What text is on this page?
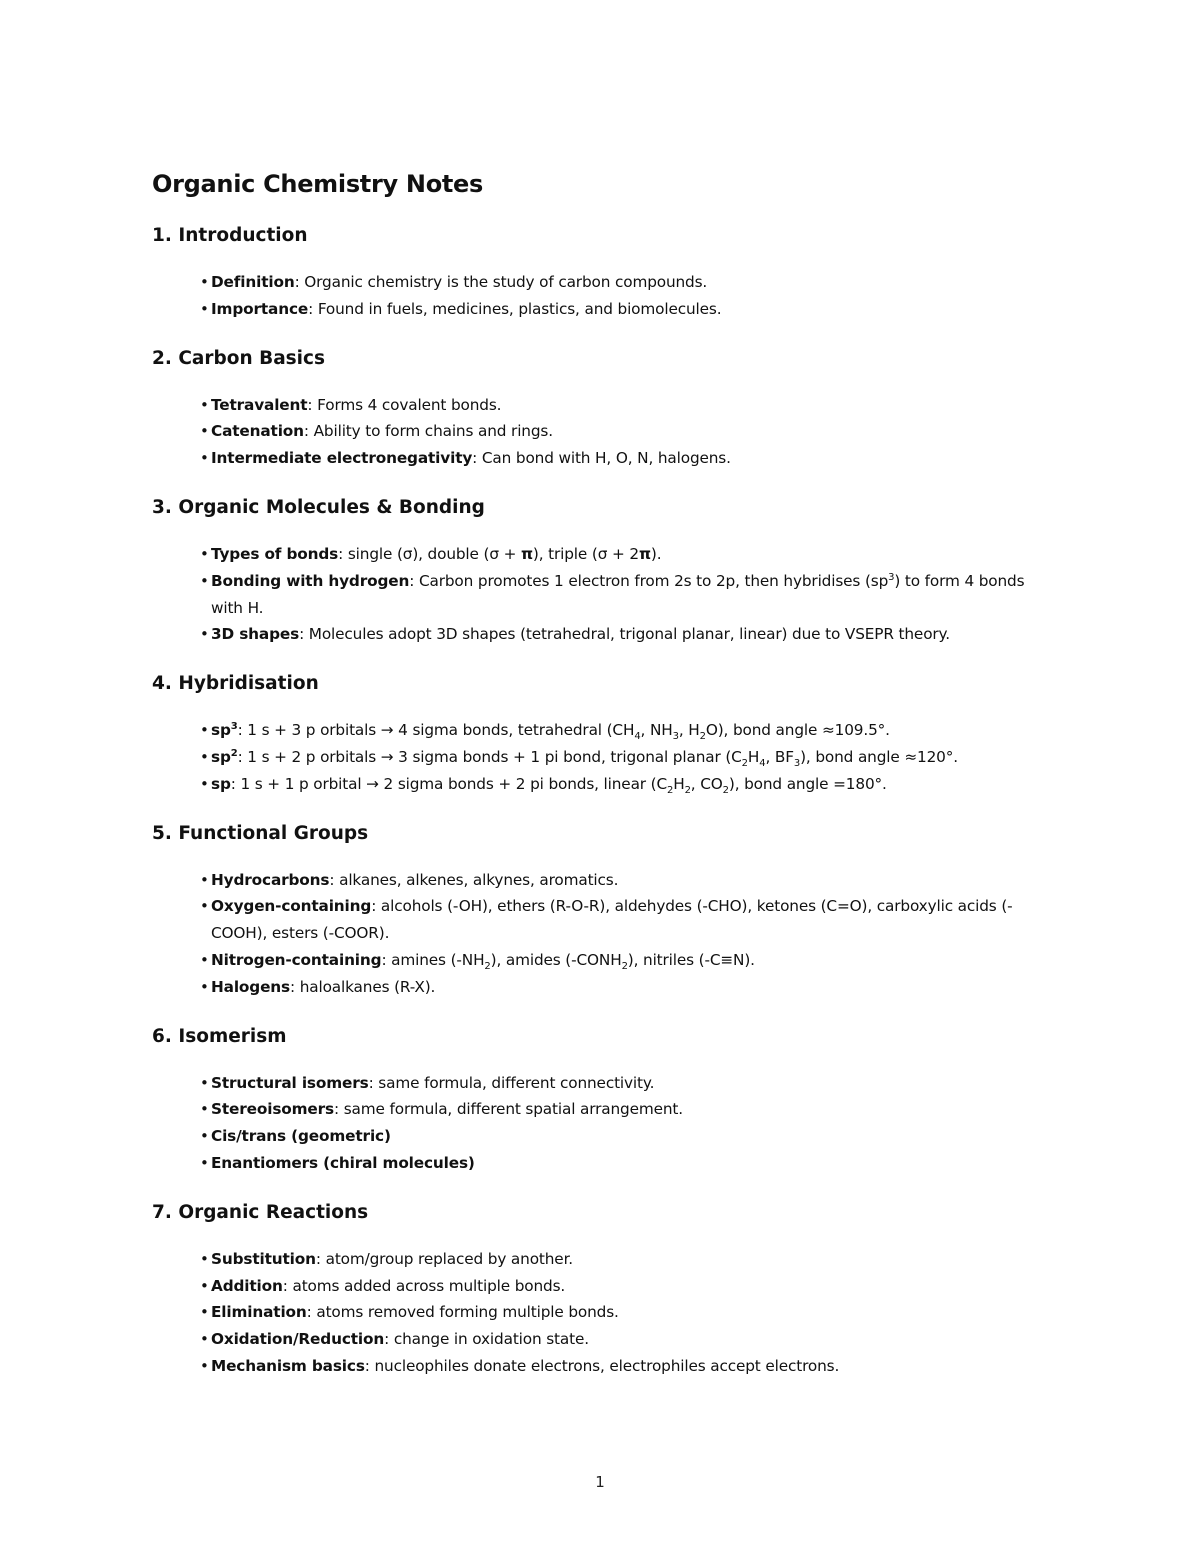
Organic Chemistry Notes
1. Introduction
• Definition: Organic chemistry is the study of carbon compounds.
• Importance: Found in fuels, medicines, plastics, and biomolecules.
2. Carbon Basics
• Tetravalent: Forms 4 covalent bonds.
• Catenation: Ability to form chains and rings.
• Intermediate electronegativity: Can bond with H, O, N, halogens.
3. Organic Molecules & Bonding
• Types of bonds: single (σ), double (σ + π), triple (σ + 2π).
• Bonding with hydrogen: Carbon promotes 1 electron from 2s to 2p, then hybridises $(sp^3)$ to form 4 bonds with H.
• 3D shapes: Molecules adopt 3D shapes (tetrahedral, trigonal planar, linear) due to VSEPR theory.
4. Hybridisation
• $sp^3$: 1 s + 3 p orbitals → 4 sigma bonds, tetrahedral ($CH_4$, $NH_3$, $H_2O$), bond angle ≈109.5°.
• $sp^2$: 1 s + 2 p orbitals → 3 sigma bonds + 1 pi bond, trigonal planar ($C_2H_4$, $BF_3$), bond angle ≈120°.
• sp: 1 s + 1 p orbital → 2 sigma bonds + 2 pi bonds, linear ($C_2H_2$, $CO_2$), bond angle =180°.
5. Functional Groups
• Hydrocarbons: alkanes, alkenes, alkynes, aromatics.
• Oxygen-containing: alcohols (-OH), ethers (R-O-R), aldehydes (-CHO), ketones (C=O), carboxylic acids (-COOH), esters (-COOR).
• Nitrogen-containing: amines $(-NH_2)$, amides $(-CONH_2)$, nitriles (-C≡N).
• Halogens: haloalkanes (R-X).
6. Isomerism
• Structural isomers: same formula, different connectivity.
• Stereoisomers: same formula, different spatial arrangement.
• Cis/trans (geometric)
• Enantiomers (chiral molecules)
7. Organic Reactions
• Substitution: atom/group replaced by another.
• Addition: atoms added across multiple bonds.
• Elimination: atoms removed forming multiple bonds.
• Oxidation/Reduction: change in oxidation state.
• Mechanism basics: nucleophiles donate electrons, electrophiles accept electrons.
1
